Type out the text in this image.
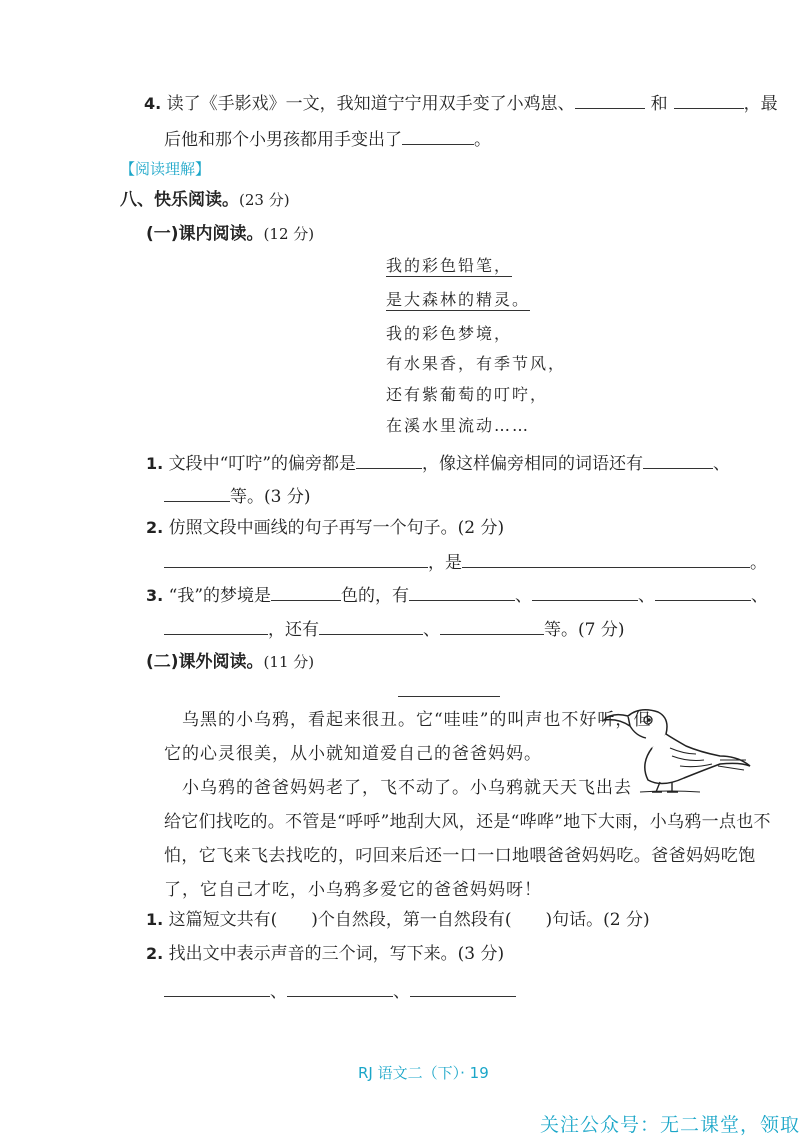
4. 读了《手影戏》一文，我知道宁宁用双手变了小鸡崽、	和	，最
后他和那个小男孩都用手变出了	。
【阅读理解】
八、快乐阅读。(23 分)
(一)课内阅读。(12 分)
我的彩色铅笔，
是大森林的精灵。
我的彩色梦境，
有水果香，有季节风，
还有紫葡萄的叮咛，
在溪水里流动……
1. 文段中“叮咛”的偏旁都是	，像这样偏旁相同的词语还有	、
等。(3 分)
2. 仿照文段中画线的句子再写一个句子。(2 分)
，是	。
3. “我”的梦境是	色的，有	、	、	、
，还有	、	等。(7 分)
(二)课外阅读。(11 分)
乌黑的小乌鸦，看起来很丑。它“哇哇”的叫声也不好听，但
它的心灵很美，从小就知道爱自己的爸爸妈妈。
小乌鸦的爸爸妈妈老了，飞不动了。小乌鸦就天天飞出去
给它们找吃的。不管是“呼呼”地刮大风，还是“哗哗”地下大雨，小乌鸦一点也不
怕，它飞来飞去找吃的，叼回来后还一口一口地喂爸爸妈妈吃。爸爸妈妈吃饱
了，它自己才吃，小乌鸦多爱它的爸爸妈妈呀！
1. 这篇短文共有(　　)个自然段，第一自然段有(　　)句话。(2 分)
2. 找出文中表示声音的三个词，写下来。(3 分)
、	、
RJ 语文二（下）· 19
关注公众号：无二课堂，领取
